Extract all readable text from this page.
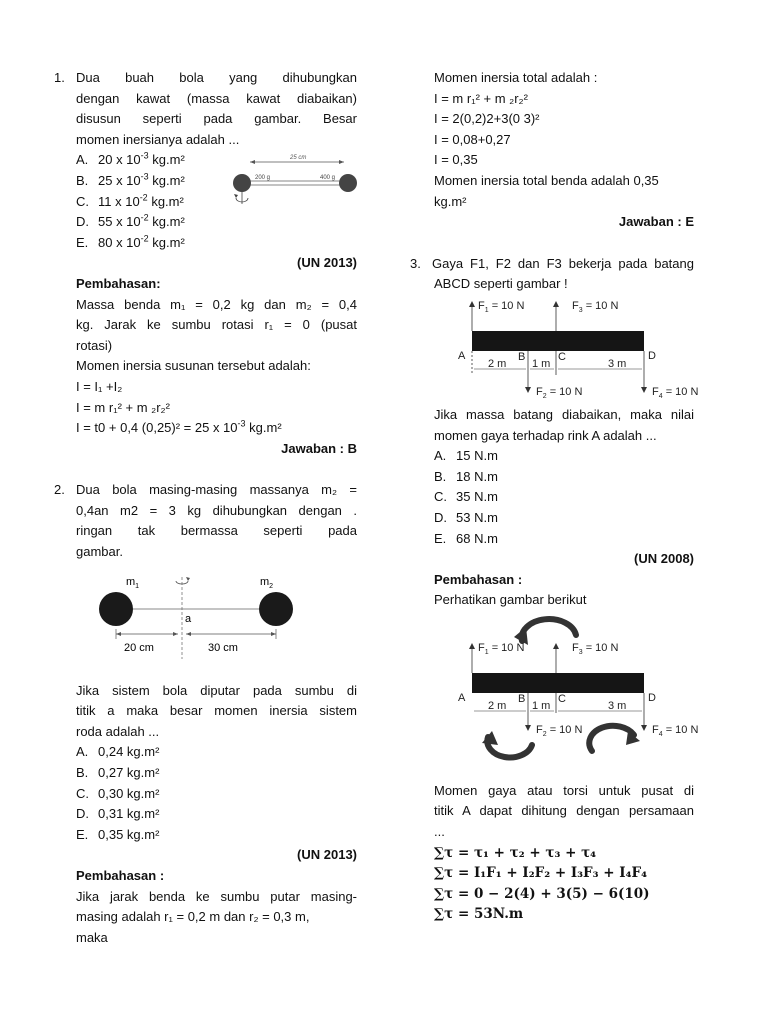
1. Dua buah bola yang dihubungkan
dengan kawat (massa kawat diabaikan)
disusun seperti pada gambar. Besar
momen inersianya adalah ...
A. 20 x $10^{-3}$ kg.m²
B. 25 x $10^{-3}$ kg.m²
C. 11 x $10^{-2}$ kg.m²
D. 55 x $10^{-2}$ kg.m²
E. 80 x $10^{-2}$ kg.m²
25 cm
200 g	400 g
(UN 2013)
Pembahasan:
Massa benda m₁ = 0,2 kg dan m₂ = 0,4
kg. Jarak ke sumbu rotasi r₁ = 0 (pusat
rotasi)
Momen inersia susunan tersebut adalah:
I = I₁ +I₂
I = m r₁² + m ₂r₂²
I = t0 + 0,4 (0,25)² = 25 x $10^{-3}$ kg.m²
Jawaban : B
2. Dua bola masing-masing massanya m₂ =
0,4an m2 = 3 kg dihubungkan dengan .
ringan tak bermassa seperti pada
gambar.
$m_1$	$m_2$
a
20 cm	30 cm
Jika sistem bola diputar pada sumbu di
titik a maka besar momen inersia sistem
roda adalah ...
A. 0,24 kg.m²
B. 0,27 kg.m²
C. 0,30 kg.m²
D. 0,31 kg.m²
E. 0,35 kg.m²
(UN 2013)
Pembahasan :
Jika jarak benda ke sumbu putar masing-
masing adalah r₁ = 0,2 m dan r₂ = 0,3 m,
maka
Momen inersia total adalah :
I = m r₁² + m ₂r₂²
I = 2(0,2)2+3(0 3)²
I = 0,08+0,27
I = 0,35
Momen inersia total benda adalah 0,35
kg.m²
Jawaban : E
3. Gaya F1, F2 dan F3 bekerja pada batang
ABCD seperti gambar !
$F_1 = 10$ N	$F_3 = 10$ N
A	B	C	D
2 m 1 m	3 m
$F_2 = 10$ N	$F_4 = 10$ N
Jika massa batang diabaikan, maka nilai
momen gaya terhadap rink A adalah ...
A. 15 N.m
B. 18 N.m
C. 35 N.m
D. 53 N.m
E. 68 N.m
(UN 2008)
Pembahasan :
Perhatikan gambar berikut
$F_1 = 10$ N	$F_3 = 10$ N
A	B	C	D
2 m 1 m	3 m
$F_2 = 10$ N	$F_4 = 10$ N
Momen gaya atau torsi untuk pusat di
titik A dapat dihitung dengan persamaan
...
∑τ = τ₁ + τ₂ + τ₃ + τ₄
∑τ = I₁F₁ + I₂F₂ + I₃F₃ + I₄F₄
∑τ = 0 − 2(4) + 3(5) − 6(10)
∑τ = 53N.m
